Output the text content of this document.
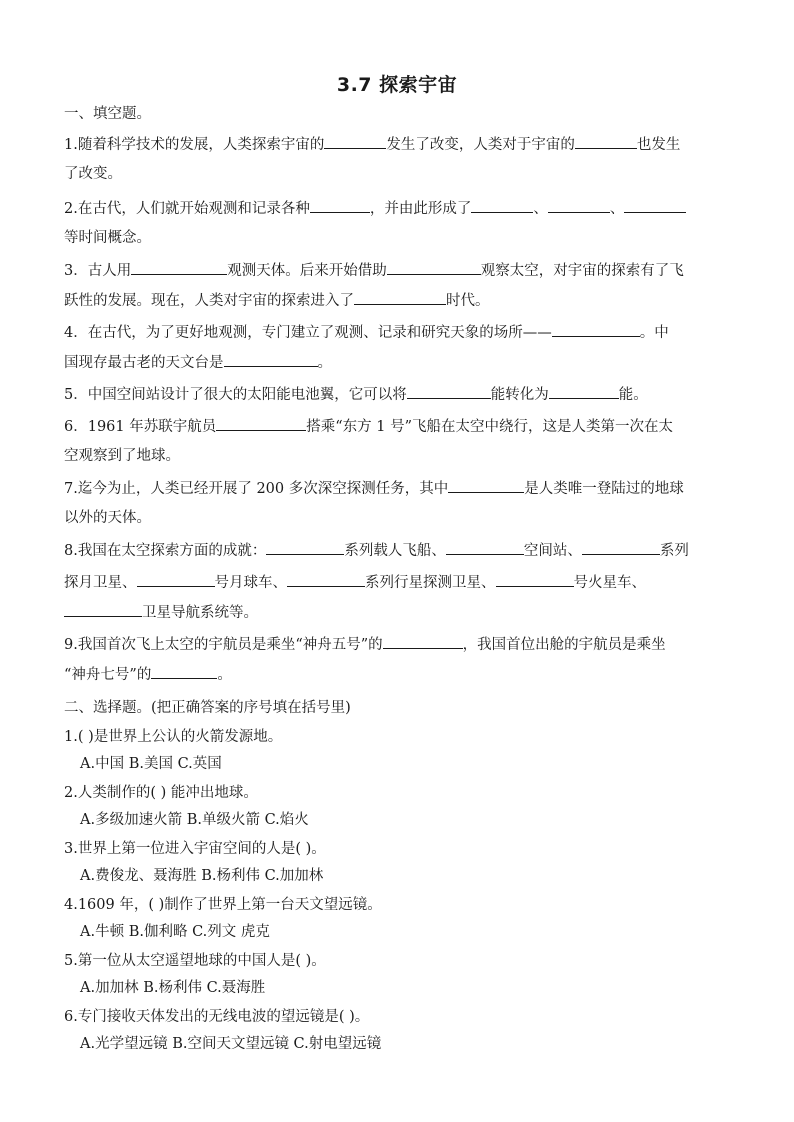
3.7 探索宇宙
一、填空题。
1.随着科学技术的发展，人类探索宇宙的	发生了改变，人类对于宇宙的	也发生
了改变。
2.在古代，人们就开始观测和记录各种	，并由此形成了	、	、
等时间概念。
3．古人用	观测天体。后来开始借助	观察太空，对宇宙的探索有了飞
跃性的发展。现在，人类对宇宙的探索进入了	时代。
4．在古代，为了更好地观测，专门建立了观测、记录和研究天象的场所——	。中
国现存最古老的天文台是	。
5．中国空间站设计了很大的太阳能电池翼，它可以将	能转化为	能。
6．1961 年苏联宇航员	搭乘“东方 1 号”飞船在太空中绕行，这是人类第一次在太
空观察到了地球。
7.迄今为止，人类已经开展了 200 多次深空探测任务，其中	是人类唯一登陆过的地球
以外的天体。
8.我国在太空探索方面的成就：	系列载人飞船、	空间站、	系列
探月卫星、	号月球车、	系列行星探测卫星、	号火星车、
卫星导航系统等。
9.我国首次飞上太空的宇航员是乘坐“神舟五号”的	，我国首位出舱的宇航员是乘坐
“神舟七号”的	。
二、选择题。(把正确答案的序号填在括号里)
1.( )是世界上公认的火箭发源地。
A.中国 B.美国 C.英国
2.人类制作的( ) 能冲出地球。
A.多级加速火箭 B.单级火箭 C.焰火
3.世界上第一位进入宇宙空间的人是( )。
A.费俊龙、聂海胜 B.杨利伟 C.加加林
4.1609 年，( )制作了世界上第一台天文望远镜。
A.牛顿 B.伽利略 C.列文 虎克
5.第一位从太空遥望地球的中国人是( )。
A.加加林 B.杨利伟 C.聂海胜
6.专门接收天体发出的无线电波的望远镜是( )。
A.光学望远镜 B.空间天文望远镜 C.射电望远镜
